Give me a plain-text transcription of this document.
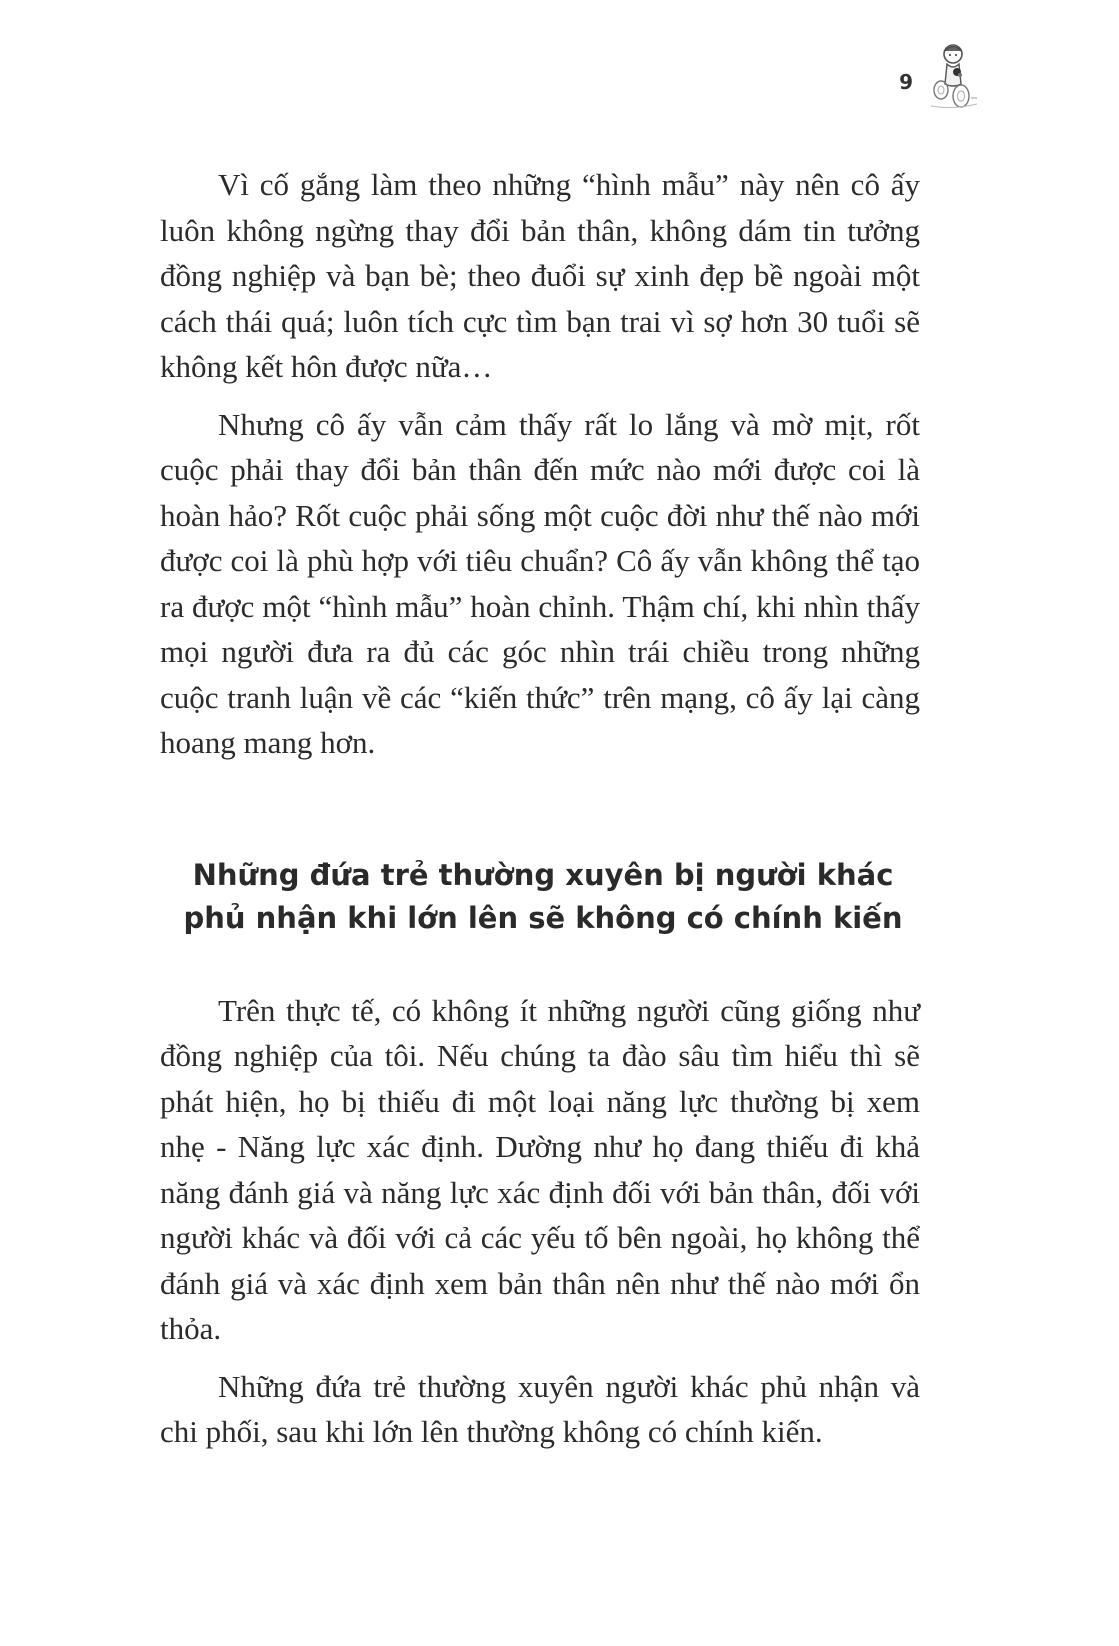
9

Vì cố gắng làm theo những “hình mẫu” này nên cô ấy luôn không ngừng thay đổi bản thân, không dám tin tưởng đồng nghiệp và bạn bè; theo đuổi sự xinh đẹp bề ngoài một cách thái quá; luôn tích cực tìm bạn trai vì sợ hơn 30 tuổi sẽ không kết hôn được nữa…

Nhưng cô ấy vẫn cảm thấy rất lo lắng và mờ mịt, rốt cuộc phải thay đổi bản thân đến mức nào mới được coi là hoàn hảo? Rốt cuộc phải sống một cuộc đời như thế nào mới được coi là phù hợp với tiêu chuẩn? Cô ấy vẫn không thể tạo ra được một “hình mẫu” hoàn chỉnh. Thậm chí, khi nhìn thấy mọi người đưa ra đủ các góc nhìn trái chiều trong những cuộc tranh luận về các “kiến thức” trên mạng, cô ấy lại càng hoang mang hơn.

Những đứa trẻ thường xuyên bị người khác phủ nhận khi lớn lên sẽ không có chính kiến

Trên thực tế, có không ít những người cũng giống như đồng nghiệp của tôi. Nếu chúng ta đào sâu tìm hiểu thì sẽ phát hiện, họ bị thiếu đi một loại năng lực thường bị xem nhẹ - Năng lực xác định. Dường như họ đang thiếu đi khả năng đánh giá và năng lực xác định đối với bản thân, đối với người khác và đối với cả các yếu tố bên ngoài, họ không thể đánh giá và xác định xem bản thân nên như thế nào mới ổn thỏa.

Những đứa trẻ thường xuyên người khác phủ nhận và chi phối, sau khi lớn lên thường không có chính kiến.
